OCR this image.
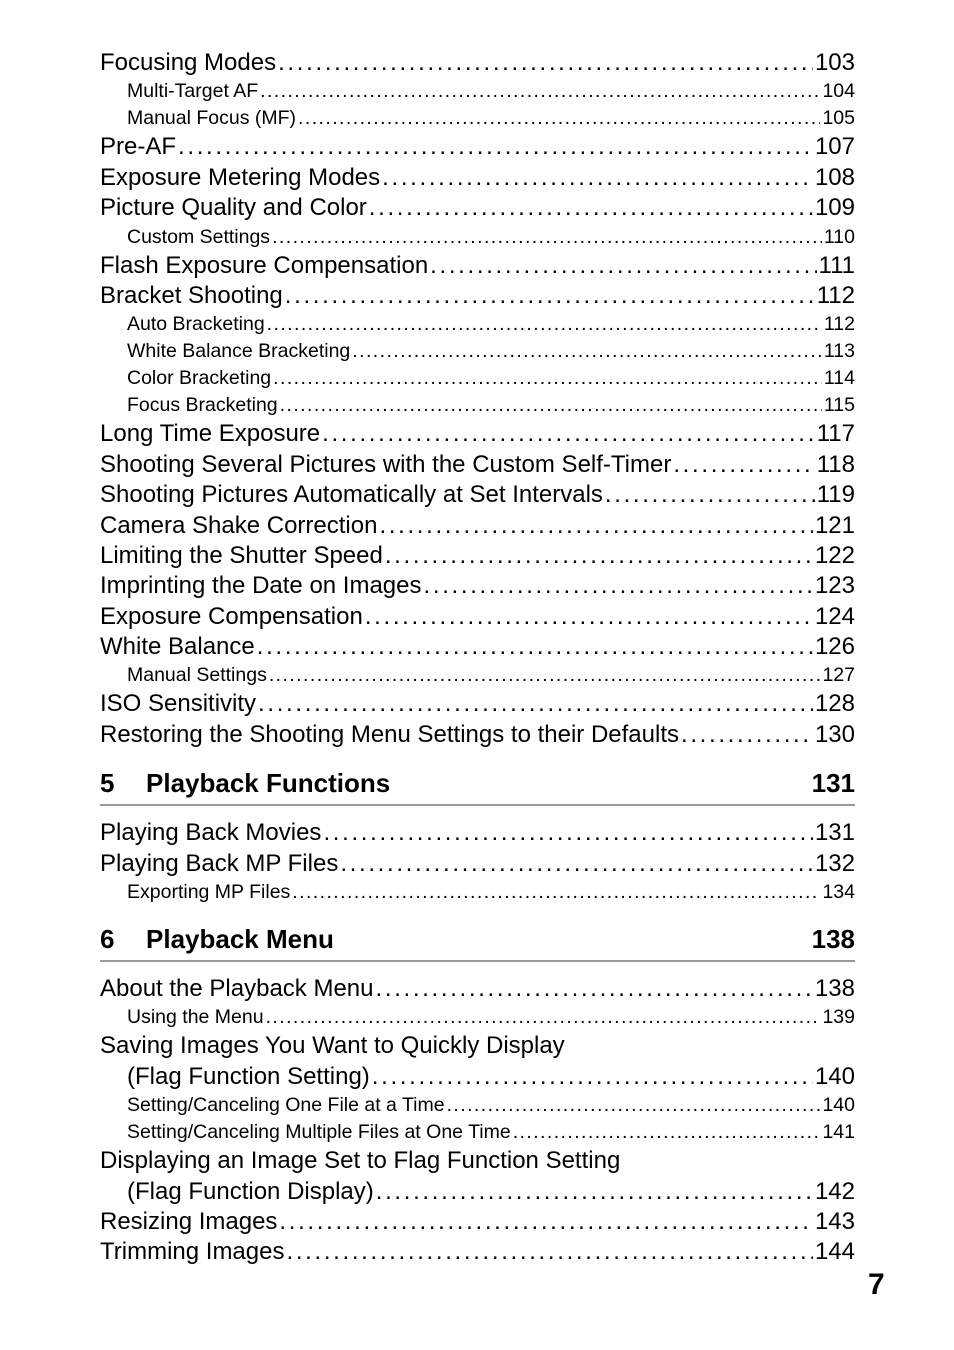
Focusing Modes . . .	103
Multi-Target AF . . .	104
Manual Focus (MF) . . .	105
Pre-AF . . .	107
Exposure Metering Modes . . .	108
Picture Quality and Color . . .	109
Custom Settings . . .	110
Flash Exposure Compensation . . .	111
Bracket Shooting . . .	112
Auto Bracketing . . .	112
White Balance Bracketing . . .	113
Color Bracketing . . .	114
Focus Bracketing . . .	115
Long Time Exposure . . .	117
Shooting Several Pictures with the Custom Self-Timer . . .	118
Shooting Pictures Automatically at Set Intervals . . .	119
Camera Shake Correction . . .	121
Limiting the Shutter Speed . . .	122
Imprinting the Date on Images . . .	123
Exposure Compensation . . .	124
White Balance . . .	126
Manual Settings . . .	127
ISO Sensitivity . . .	128
Restoring the Shooting Menu Settings to their Defaults . . .	130
5 Playback Functions	131
Playing Back Movies . . .	131
Playing Back MP Files . . .	132
Exporting MP Files . . .	134
6 Playback Menu	138
About the Playback Menu . . .	138
Using the Menu . . .	139
Saving Images You Want to Quickly Display
(Flag Function Setting) . . .	140
Setting/Canceling One File at a Time . . .	140
Setting/Canceling Multiple Files at One Time . . .	141
Displaying an Image Set to Flag Function Setting
(Flag Function Display) . . .	142
Resizing Images . . .	143
Trimming Images . . .	144
7
